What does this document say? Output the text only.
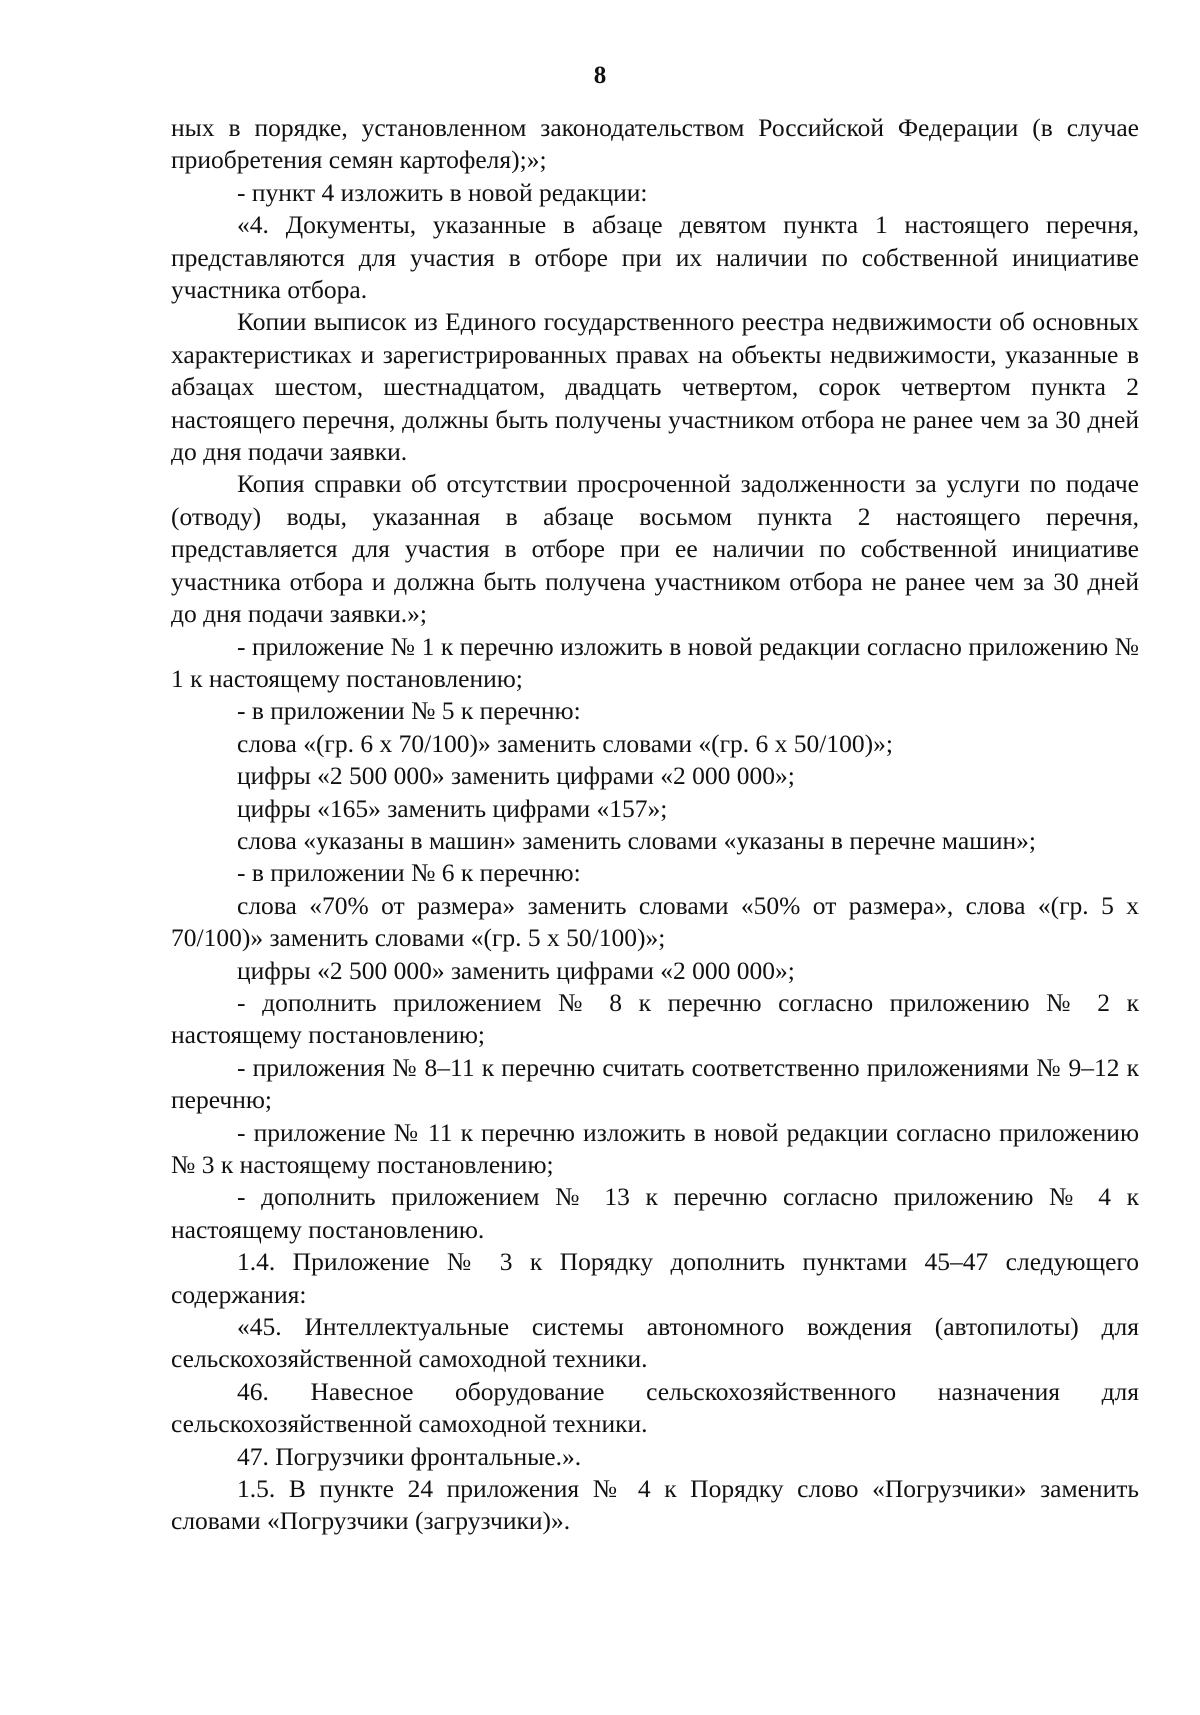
8

ных в порядке, установленном законодательством Российской Федерации (в случае приобретения семян картофеля);»;

- пункт 4 изложить в новой редакции:

«4. Документы, указанные в абзаце девятом пункта 1 настоящего перечня, представляются для участия в отборе при их наличии по собственной инициативе участника отбора.

Копии выписок из Единого государственного реестра недвижимости об основных характеристиках и зарегистрированных правах на объекты недвижимости, указанные в абзацах шестом, шестнадцатом, двадцать четвертом, сорок четвертом пункта 2 настоящего перечня, должны быть получены участником отбора не ранее чем за 30 дней до дня подачи заявки.

Копия справки об отсутствии просроченной задолженности за услуги по подаче (отводу) воды, указанная в абзаце восьмом пункта 2 настоящего перечня, представляется для участия в отборе при ее наличии по собственной инициативе участника отбора и должна быть получена участником отбора не ранее чем за 30 дней до дня подачи заявки.»;

- приложение № 1 к перечню изложить в новой редакции согласно приложению № 1 к настоящему постановлению;

- в приложении № 5 к перечню:

слова «(гр. 6 х 70/100)» заменить словами «(гр. 6 х 50/100)»;

цифры «2 500 000» заменить цифрами «2 000 000»;

цифры «165» заменить цифрами «157»;

слова «указаны в машин» заменить словами «указаны в перечне машин»;

- в приложении № 6 к перечню:

слова «70% от размера» заменить словами «50% от размера», слова «(гр. 5 х 70/100)» заменить словами «(гр. 5 х 50/100)»;

цифры «2 500 000» заменить цифрами «2 000 000»;

- дополнить приложением № 8 к перечню согласно приложению № 2 к настоящему постановлению;

- приложения № 8–11 к перечню считать соответственно приложениями № 9–12 к перечню;

- приложение № 11 к перечню изложить в новой редакции согласно приложению № 3 к настоящему постановлению;

- дополнить приложением № 13 к перечню согласно приложению № 4 к настоящему постановлению.

1.4. Приложение № 3 к Порядку дополнить пунктами 45–47 следующего содержания:

«45. Интеллектуальные системы автономного вождения (автопилоты) для сельскохозяйственной самоходной техники.

46. Навесное оборудование сельскохозяйственного назначения для сельскохозяйственной самоходной техники.

47. Погрузчики фронтальные.».

1.5. В пункте 24 приложения № 4 к Порядку слово «Погрузчики» заменить словами «Погрузчики (загрузчики)».
